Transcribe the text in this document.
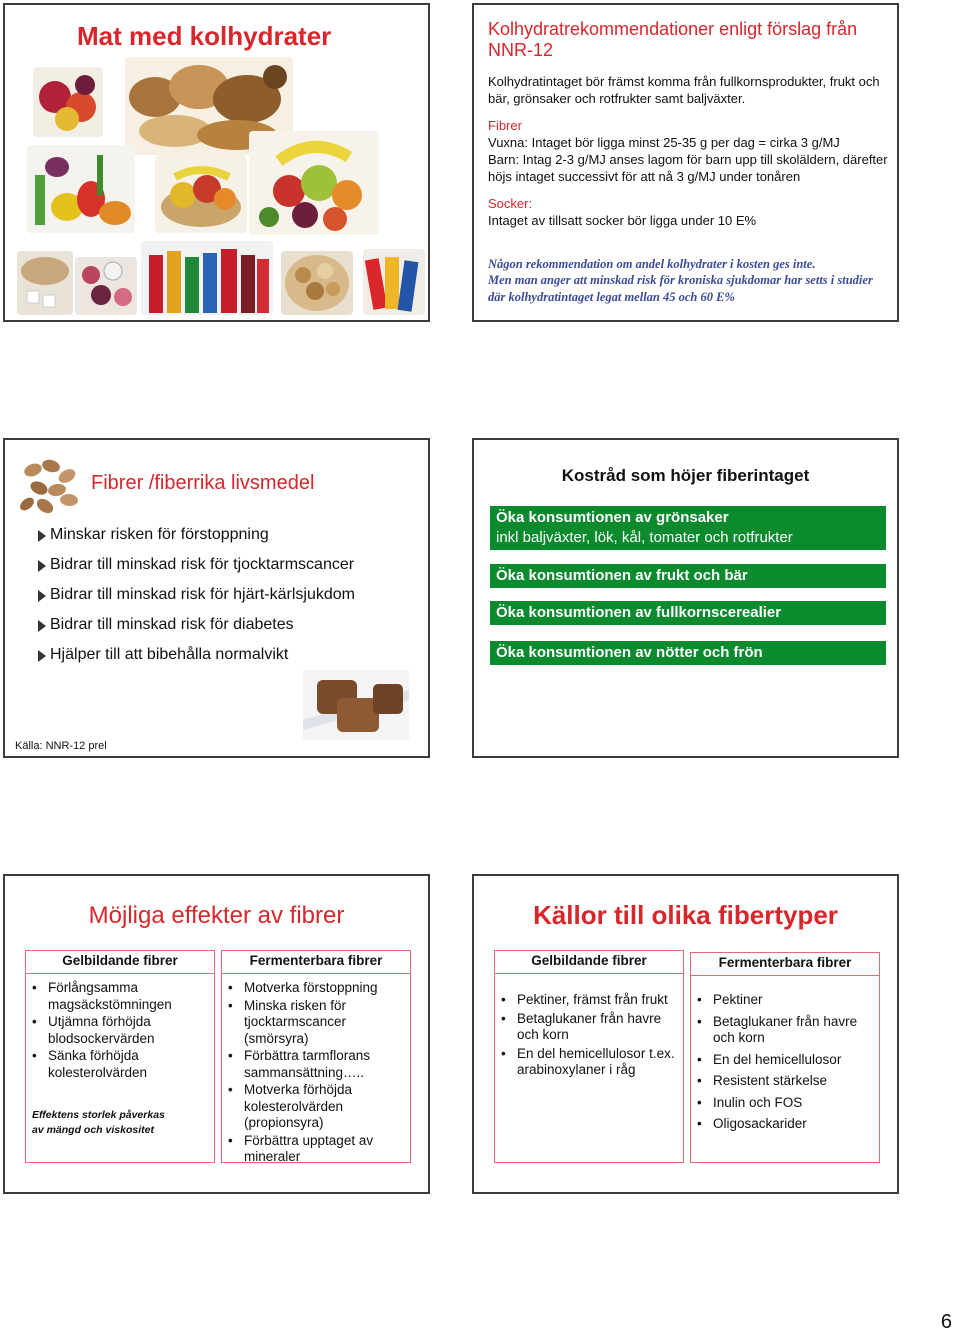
Mat med kolhydrater	Kolhydratrekommendationer enligt förslag från NNR-12
Kolhydratintaget bör främst komma från fullkornsprodukter, frukt och bär, grönsaker och rotfrukter samt baljväxter.
Fibrer
Vuxna: Intaget bör ligga minst 25-35 g per dag = cirka 3 g/MJ
Barn: Intag 2-3 g/MJ anses lagom för barn upp till skoläldern, därefter höjs intaget successivt för att nå 3 g/MJ under tonåren
Socker:
Intaget av tillsatt socker bör ligga under 10 E%
Någon rekommendation om andel kolhydrater i kosten ges inte.
Men man anger att minskad risk för kroniska sjukdomar har setts i studier där kolhydratintaget legat mellan 45 och 60 E%
Fibrer /fiberrika livsmedel
Minskar risken för förstoppning
Bidrar till minskad risk för tjocktarmscancer
Bidrar till minskad risk för hjärt-kärlsjukdom
Bidrar till minskad risk för diabetes
Hjälper till att bibehålla normalvikt
Källa: NNR-12 prel
Kostråd som höjer fiberintaget
Öka konsumtionen av grönsaker
inkl baljväxter, lök, kål, tomater och rotfrukter
Öka konsumtionen av frukt och bär
Öka konsumtionen av fullkornscerealier
Öka konsumtionen av nötter och frön
Möjliga effekter av fibrer
Gelbildande fibrer
• Förlångsamma magsäckstömningen
• Utjämna förhöjda blodsockervärden
• Sänka förhöjda kolesterolvärden
Effektens storlek påverkas
av mängd och viskositet
Fermenterbara fibrer
• Motverka förstoppning
• Minska risken för tjocktarmscancer (smörsyra)
• Förbättra tarmflorans sammansättning…..
• Motverka förhöjda kolesterolvärden (propionsyra)
• Förbättra upptaget av mineraler
Källor till olika fibertyper
Gelbildande fibrer
• Pektiner, främst från frukt
• Betaglukaner från havre och korn
• En del hemicellulosor t.ex. arabinoxylaner i råg
Fermenterbara fibrer
• Pektiner
• Betaglukaner från havre och korn
• En del hemicellulosor
• Resistent stärkelse
• Inulin och FOS
• Oligosackarider
6
